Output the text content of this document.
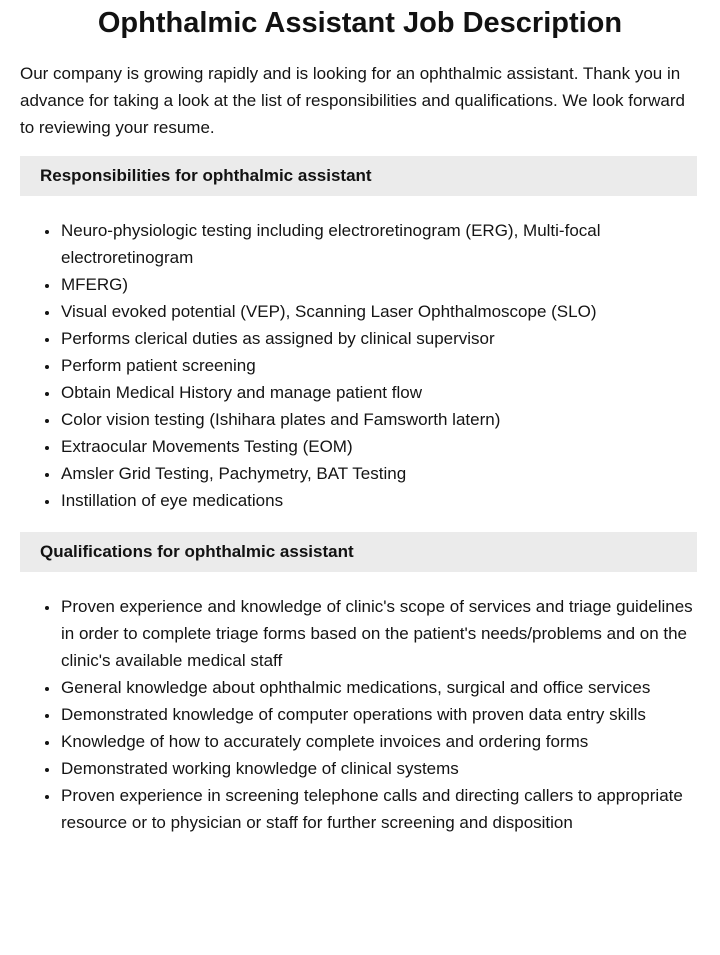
Ophthalmic Assistant Job Description

Our company is growing rapidly and is looking for an ophthalmic assistant. Thank you in advance for taking a look at the list of responsibilities and qualifications. We look forward to reviewing your resume.

Responsibilities for ophthalmic assistant
• Neuro-physiologic testing including electroretinogram (ERG), Multi-focal electroretinogram
• MFERG)
• Visual evoked potential (VEP), Scanning Laser Ophthalmoscope (SLO)
• Performs clerical duties as assigned by clinical supervisor
• Perform patient screening
• Obtain Medical History and manage patient flow
• Color vision testing (Ishihara plates and Famsworth latern)
• Extraocular Movements Testing (EOM)
• Amsler Grid Testing, Pachymetry, BAT Testing
• Instillation of eye medications
Qualifications for ophthalmic assistant
• Proven experience and knowledge of clinic's scope of services and triage guidelines in order to complete triage forms based on the patient's needs/problems and on the clinic's available medical staff
• General knowledge about ophthalmic medications, surgical and office services
• Demonstrated knowledge of computer operations with proven data entry skills
• Knowledge of how to accurately complete invoices and ordering forms
• Demonstrated working knowledge of clinical systems
• Proven experience in screening telephone calls and directing callers to appropriate resource or to physician or staff for further screening and disposition
